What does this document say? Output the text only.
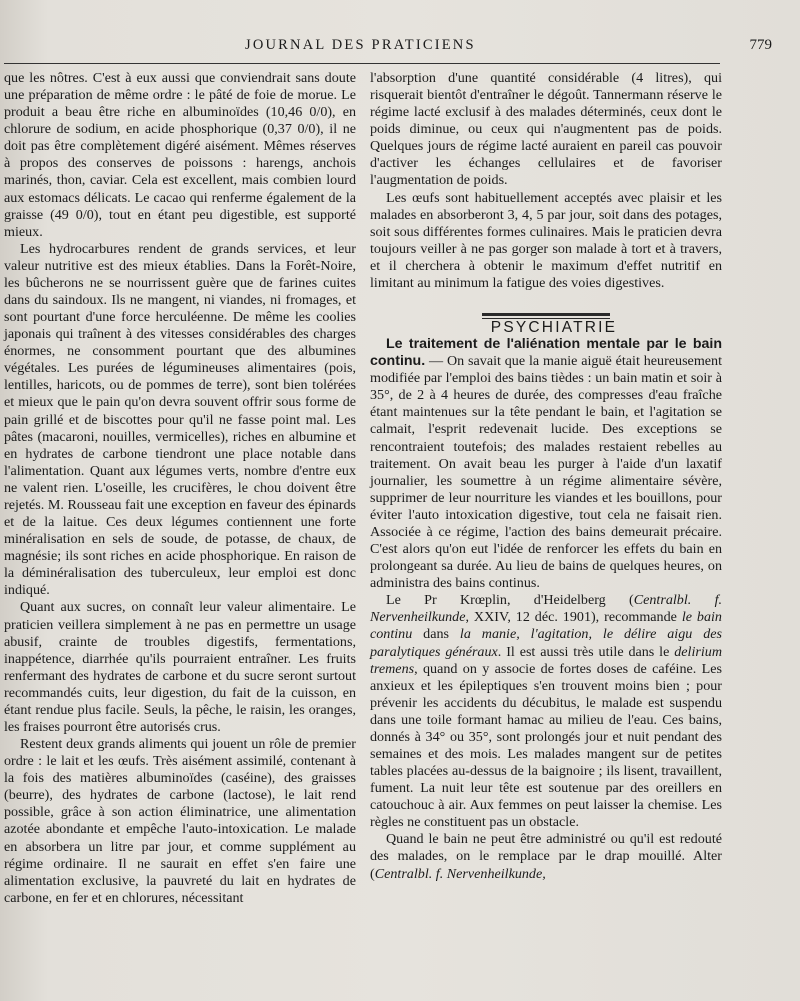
JOURNAL DES PRATICIENS	779

que les nôtres. C'est à eux aussi que conviendrait sans doute une préparation de même ordre : le pâté de foie de morue. Le produit a beau être riche en albuminoïdes (10,46 0/0), en chlorure de sodium, en acide phosphorique (0,37 0/0), il ne doit pas être complètement digéré aisément. Mêmes réserves à propos des conserves de poissons : harengs, anchois marinés, thon, caviar. Cela est excellent, mais combien lourd aux estomacs délicats. Le cacao qui renferme également de la graisse (49 0/0), tout en étant peu digestible, est supporté mieux.

Les hydrocarbures rendent de grands services, et leur valeur nutritive est des mieux établies. Dans la Forêt-Noire, les bûcherons ne se nourrissent guère que de farines cuites dans du saindoux. Ils ne mangent, ni viandes, ni fromages, et sont pourtant d'une force herculéenne. De même les coolies japonais qui traînent à des vitesses considérables des charges énormes, ne consomment pourtant que des albumines végétales. Les purées de légumineuses alimentaires (pois, lentilles, haricots, ou de pommes de terre), sont bien tolérées et mieux que le pain qu'on devra souvent offrir sous forme de pain grillé et de biscottes pour qu'il ne fasse point mal. Les pâtes (macaroni, nouilles, vermicelles), riches en albumine et en hydrates de carbone tiendront une place notable dans l'alimentation. Quant aux légumes verts, nombre d'entre eux ne valent rien. L'oseille, les crucifères, le chou doivent être rejetés. M. Rousseau fait une exception en faveur des épinards et de la laitue. Ces deux légumes contiennent une forte minéralisation en sels de soude, de potasse, de chaux, de magnésie; ils sont riches en acide phosphorique. En raison de la déminéralisation des tuberculeux, leur emploi est donc indiqué.

Quant aux sucres, on connaît leur valeur alimentaire. Le praticien veillera simplement à ne pas en permettre un usage abusif, crainte de troubles digestifs, fermentations, inappétence, diarrhée qu'ils pourraient entraîner. Les fruits renfermant des hydrates de carbone et du sucre seront surtout recommandés cuits, leur digestion, du fait de la cuisson, en étant rendue plus facile. Seuls, la pêche, le raisin, les oranges, les fraises pourront être autorisés crus.

Restent deux grands aliments qui jouent un rôle de premier ordre : le lait et les œufs. Très aisément assimilé, contenant à la fois des matières albuminoïdes (caséine), des graisses (beurre), des hydrates de carbone (lactose), le lait rend possible, grâce à son action éliminatrice, une alimentation azotée abondante et empêche l'auto-intoxication. Le malade en absorbera un litre par jour, et comme supplément au régime ordinaire. Il ne saurait en effet s'en faire une alimentation exclusive, la pauvreté du lait en hydrates de carbone, en fer et en chlorures, nécessitant

l'absorption d'une quantité considérable (4 litres), qui risquerait bientôt d'entraîner le dégoût. Tannermann réserve le régime lacté exclusif à des malades déterminés, ceux dont le poids diminue, ou ceux qui n'augmentent pas de poids. Quelques jours de régime lacté auraient en pareil cas pouvoir d'activer les échanges cellulaires et de favoriser l'augmentation de poids.

Les œufs sont habituellement acceptés avec plaisir et les malades en absorberont 3, 4, 5 par jour, soit dans des potages, soit sous différentes formes culinaires. Mais le praticien devra toujours veiller à ne pas gorger son malade à tort et à travers, et il cherchera à obtenir le maximum d'effet nutritif en limitant au minimum la fatigue des voies digestives.

PSYCHIATRIE

Le traitement de l'aliénation mentale par le bain continu. — On savait que la manie aiguë était heureusement modifiée par l'emploi des bains tièdes : un bain matin et soir à 35°, de 2 à 4 heures de durée, des compresses d'eau fraîche étant maintenues sur la tête pendant le bain, et l'agitation se calmait, l'esprit redevenait lucide. Des exceptions se rencontraient toutefois; des malades restaient rebelles au traitement. On avait beau les purger à l'aide d'un laxatif journalier, les soumettre à un régime alimentaire sévère, supprimer de leur nourriture les viandes et les bouillons, pour éviter l'auto intoxication digestive, tout cela ne faisait rien. Associée à ce régime, l'action des bains demeurait précaire. C'est alors qu'on eut l'idée de renforcer les effets du bain en prolongeant sa durée. Au lieu de bains de quelques heures, on administra des bains continus.

Le Pr Krœplin, d'Heidelberg (Centralbl. f. Nervenheilkunde, XXIV, 12 déc. 1901), recommande le bain continu dans la manie, l'agitation, le délire aigu des paralytiques généraux. Il est aussi très utile dans le delirium tremens, quand on y associe de fortes doses de caféine. Les anxieux et les épileptiques s'en trouvent moins bien ; pour prévenir les accidents du décubitus, le malade est suspendu dans une toile formant hamac au milieu de l'eau. Ces bains, donnés à 34° ou 35°, sont prolongés jour et nuit pendant des semaines et des mois. Les malades mangent sur de petites tables placées au-dessus de la baignoire ; ils lisent, travaillent, fument. La nuit leur tête est soutenue par des oreillers en catouchouc à air. Aux femmes on peut laisser la chemise. Les règles ne constituent pas un obstacle.

Quand le bain ne peut être administré ou qu'il est redouté des malades, on le remplace par le drap mouillé. Alter (Centralbl. f. Nervenheilkunde,
